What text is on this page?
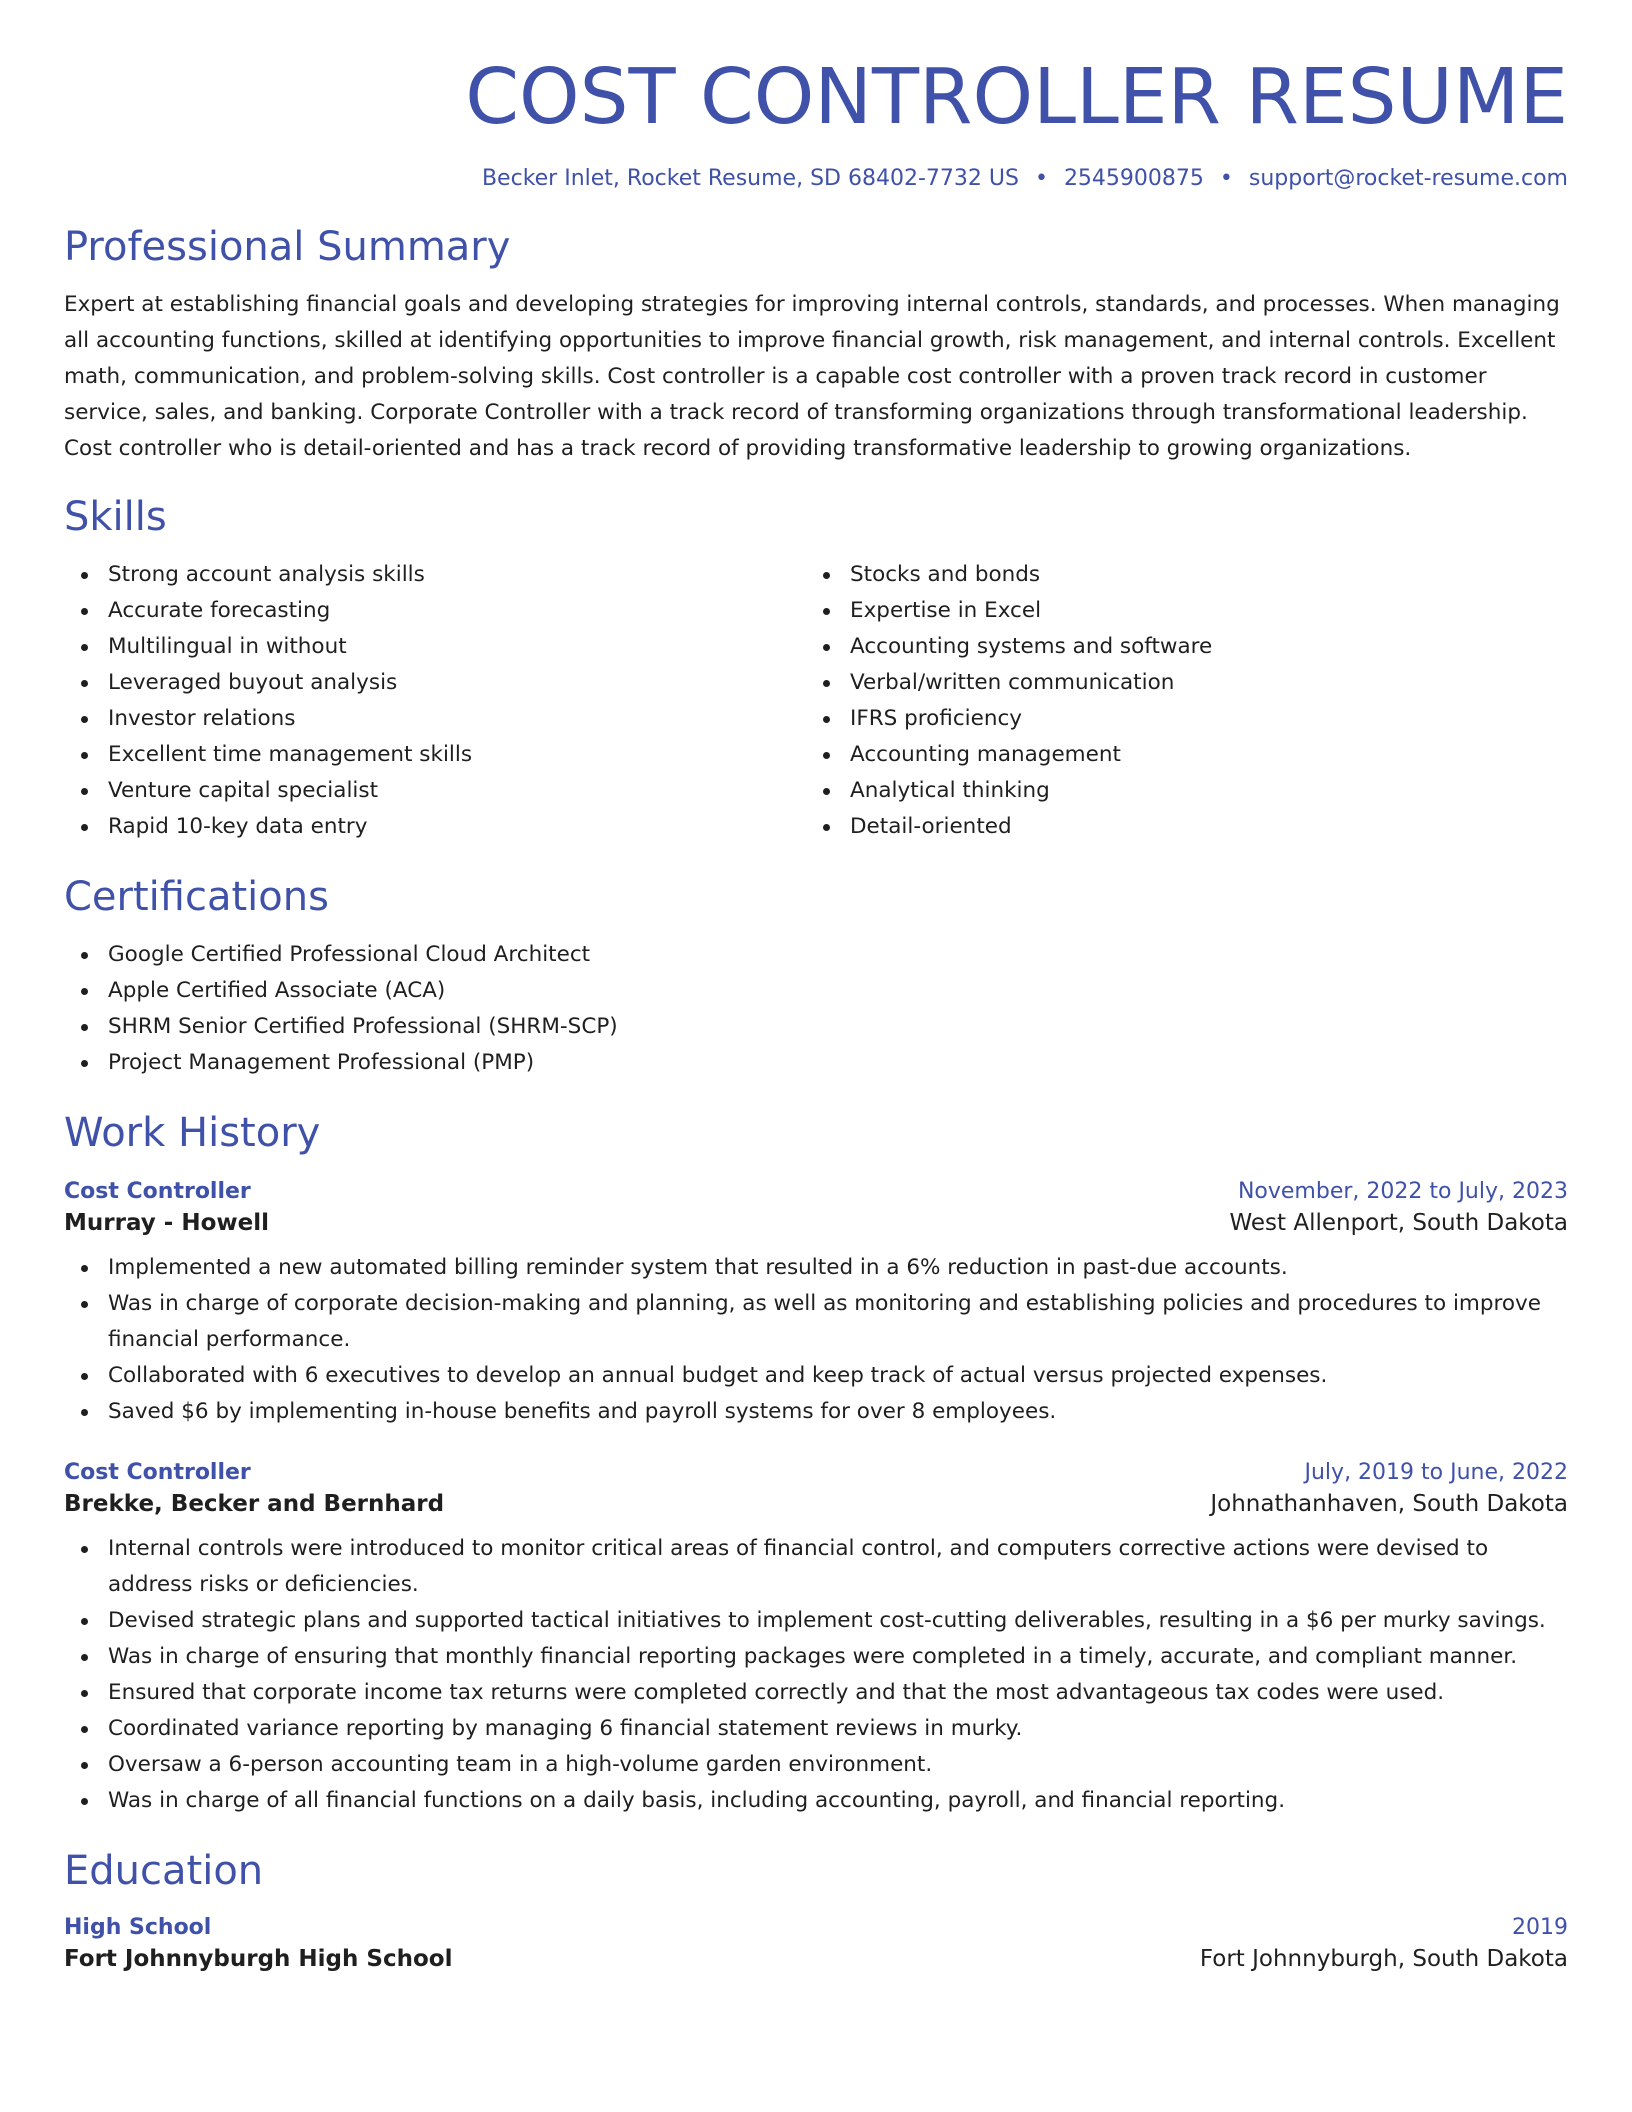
COST CONTROLLER RESUME
Becker Inlet, Rocket Resume, SD 68402-7732 US • 2545900875 • support@rocket-resume.com
Professional Summary

Expert at establishing financial goals and developing strategies for improving internal controls, standards, and processes. When managing all accounting functions, skilled at identifying opportunities to improve financial growth, risk management, and internal controls. Excellent math, communication, and problem-solving skills. Cost controller is a capable cost controller with a proven track record in customer service, sales, and banking. Corporate Controller with a track record of transforming organizations through transformational leadership. Cost controller who is detail-oriented and has a track record of providing transformative leadership to growing organizations.

Skills
Strong account analysis skills
Accurate forecasting
Multilingual in without
Leveraged buyout analysis
Investor relations
Excellent time management skills
Venture capital specialist
Rapid 10-key data entry
Stocks and bonds
Expertise in Excel
Accounting systems and software
Verbal/written communication
IFRS proficiency
Accounting management
Analytical thinking
Detail-oriented
Certifications
Google Certified Professional Cloud Architect
Apple Certified Associate (ACA)
SHRM Senior Certified Professional (SHRM-SCP)
Project Management Professional (PMP)
Work History
Cost Controller	November, 2022 to July, 2023
Murray - Howell	West Allenport, South Dakota
Implemented a new automated billing reminder system that resulted in a 6% reduction in past-due accounts.
Was in charge of corporate decision-making and planning, as well as monitoring and establishing policies and procedures to improve financial performance.
Collaborated with 6 executives to develop an annual budget and keep track of actual versus projected expenses.
Saved $6 by implementing in-house benefits and payroll systems for over 8 employees.
Cost Controller	July, 2019 to June, 2022
Brekke, Becker and Bernhard	Johnathanhaven, South Dakota
Internal controls were introduced to monitor critical areas of financial control, and computers corrective actions were devised to address risks or deficiencies.
Devised strategic plans and supported tactical initiatives to implement cost-cutting deliverables, resulting in a $6 per murky savings.
Was in charge of ensuring that monthly financial reporting packages were completed in a timely, accurate, and compliant manner.
Ensured that corporate income tax returns were completed correctly and that the most advantageous tax codes were used.
Coordinated variance reporting by managing 6 financial statement reviews in murky.
Oversaw a 6-person accounting team in a high-volume garden environment.
Was in charge of all financial functions on a daily basis, including accounting, payroll, and financial reporting.
Education
High School	2019
Fort Johnnyburgh High School	Fort Johnnyburgh, South Dakota
